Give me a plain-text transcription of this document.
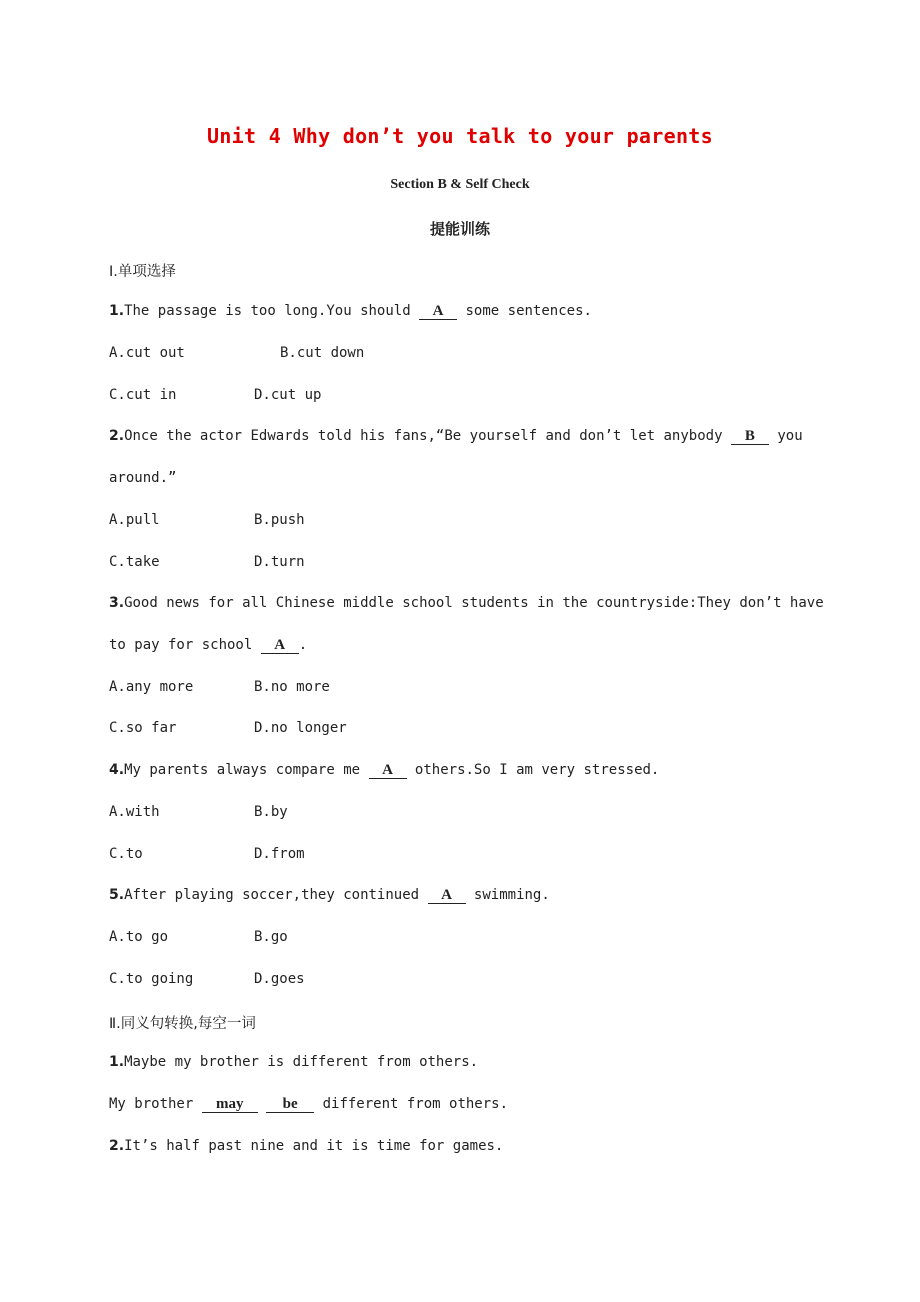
Unit 4 Why don’t you talk to your parents
Section B & Self Check
提能训练
Ⅰ.单项选择
1.The passage is too long.You should A some sentences.
A.cut out	B.cut down
C.cut in	D.cut up
2.Once the actor Edwards told his fans,“Be yourself and don’t let anybody B you
around.”
A.pull	B.push
C.take	D.turn
3.Good news for all Chinese middle school students in the countryside:They don’t have
to pay for school A .
A.any more	B.no more
C.so far	D.no longer
4.My parents always compare me A others.So I am very stressed.
A.with	B.by
C.to	D.from
5.After playing soccer,they continued A swimming.
A.to go	B.go
C.to going	D.goes
Ⅱ.同义句转换,每空一词
1.Maybe my brother is different from others.
My brother may	be different from others.
2.It’s half past nine and it is time for games.
